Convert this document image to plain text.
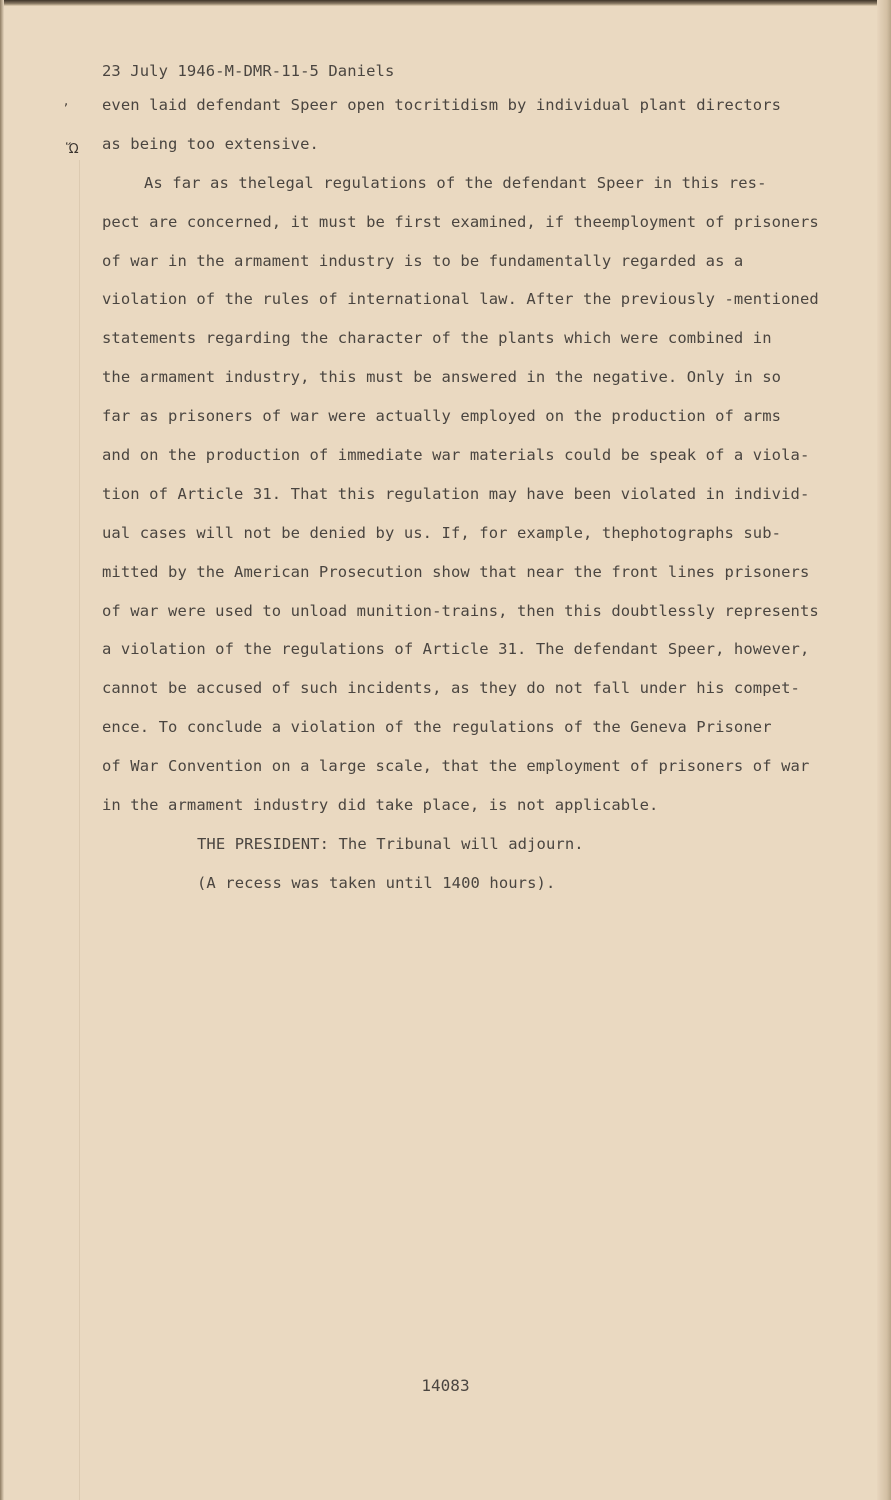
,
Ὥ
23 July 1946-M-DMR-11-5 Daniels
even laid defendant Speer open tocritidism by individual plant directors
as being too extensive.
As far as thelegal regulations of the defendant Speer in this res-
pect are concerned, it must be first examined, if theemployment of prisoners
of war in the armament industry is to be fundamentally regarded as a
violation of the rules of international law. After the previously -mentioned
statements regarding the character of the plants which were combined in
the armament industry, this must be answered in the negative. Only in so
far as prisoners of war were actually employed on the production of arms
and on the production of immediate war materials could be speak of a viola-
tion of Article 31. That this regulation may have been violated in individ-
ual cases will not be denied by us. If, for example, thephotographs sub-
mitted by the American Prosecution show that near the front lines prisoners
of war were used to unload munition-trains, then this doubtlessly represents
a violation of the regulations of Article 31. The defendant Speer, however,
cannot be accused of such incidents, as they do not fall under his compet-
ence. To conclude a violation of the regulations of the Geneva Prisoner
of War Convention on a large scale, that the employment of prisoners of war
in the armament industry did take place, is not applicable.
THE PRESIDENT: The Tribunal will adjourn.
(A recess was taken until 1400 hours).
14083
